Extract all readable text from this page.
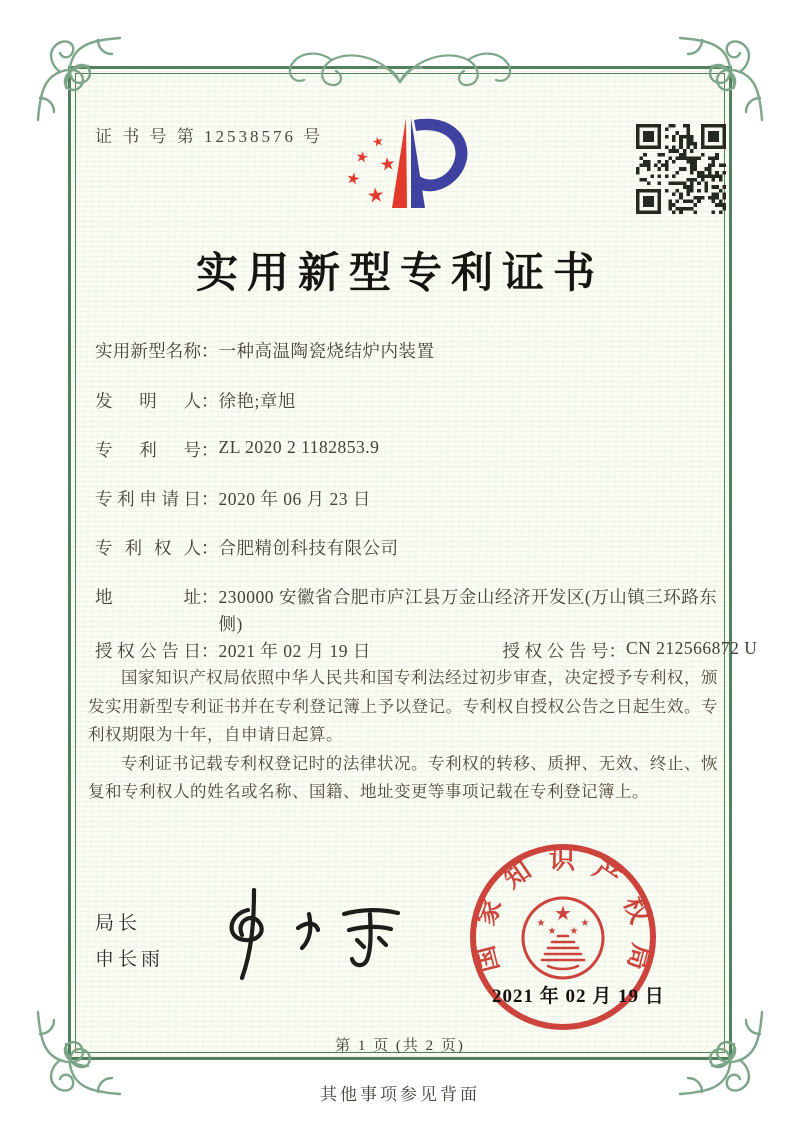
证 书 号 第 12538576 号	★
★ ★
★
★
实用新型专利证书
实用新型名称：一种高温陶瓷烧结炉内装置
发明人：徐艳;章旭
专利号：ZL 2020 2 1182853.9
专利申请日：2020 年 06 月 23 日
专利权人：合肥精创科技有限公司
地址：230000 安徽省合肥市庐江县万金山经济开发区(万山镇三环路东侧)
授权公告日：2021 年 02 月 19 日	授权公告号：CN 212566872 U

国家知识产权局依照中华人民共和国专利法经过初步审查，决定授予专利权，颁发实用新型专利证书并在专利登记簿上予以登记。专利权自授权公告之日起生效。专利权期限为十年，自申请日起算。

专利证书记载专利权登记时的法律状况。专利权的转移、质押、无效、终止、恢复和专利权人的姓名或名称、国籍、地址变更等事项记载在专利登记簿上。

局长
申长雨	国家知识产权局
★
★
★ ★
★
2021 年 02 月 19 日
第 1 页 (共 2 页)
其他事项参见背面
